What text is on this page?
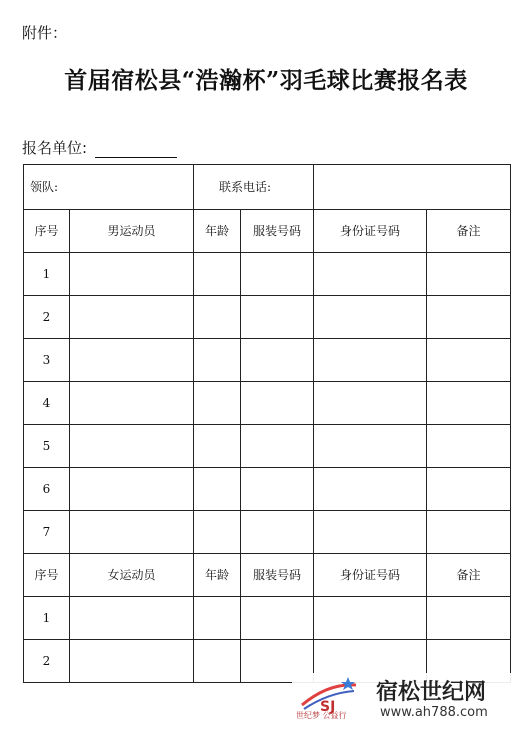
附件：
首届宿松县“浩瀚杯”羽毛球比赛报名表
报名单位:
领队:		联系电话:			
序号	男运动员	年龄	服装号码	身份证号码	备注
1					
2					
3					
4					
5					
6					
7					
序号	女运动员	年龄	服装号码	身份证号码	备注
1					
2					
SJ
世纪梦 公益行
宿松世纪网
www.ah788.com
